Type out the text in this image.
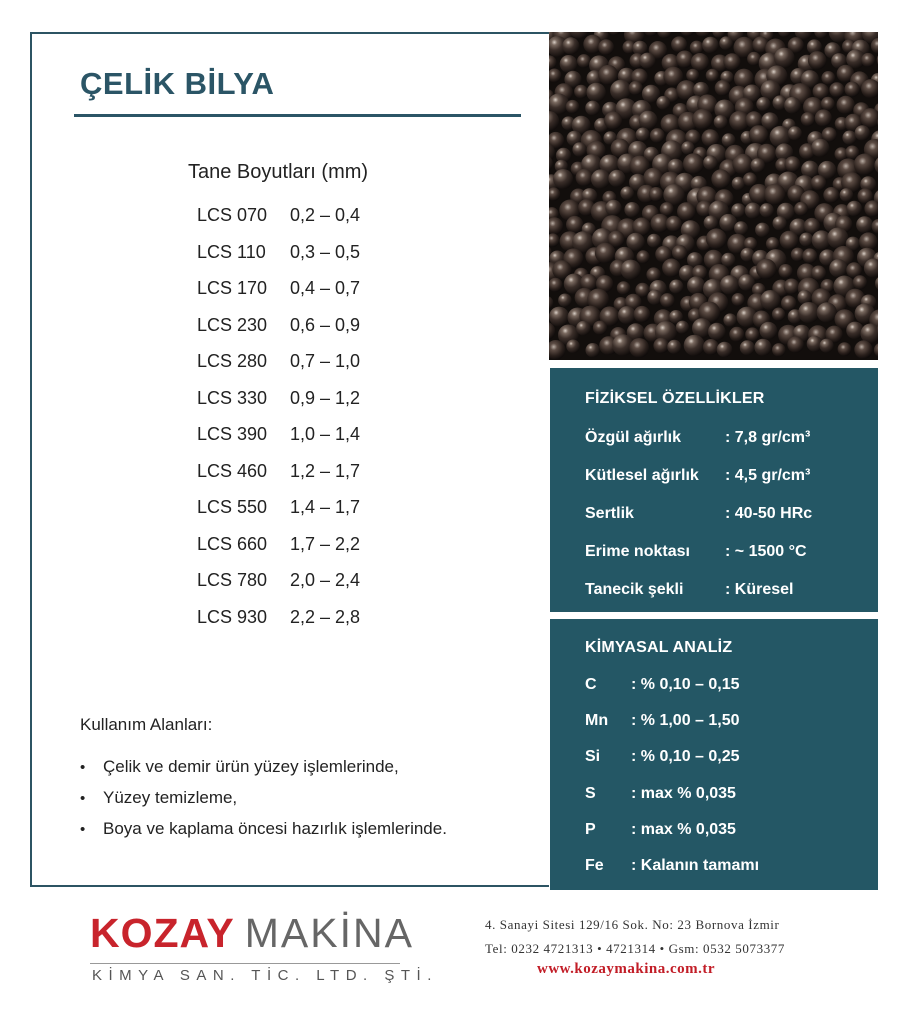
ÇELİK BİLYA
Tane Boyutları (mm)
LCS 070	0,2 – 0,4
LCS 110	0,3 – 0,5
LCS 170	0,4 – 0,7
LCS 230	0,6 – 0,9
LCS 280	0,7 – 1,0
LCS 330	0,9 – 1,2
LCS 390	1,0 – 1,4
LCS 460	1,2 – 1,7
LCS 550	1,4 – 1,7
LCS 660	1,7 – 2,2
LCS 780	2,0 – 2,4
LCS 930	2,2 – 2,8
Kullanım Alanları:
•	Çelik ve demir ürün yüzey işlemlerinde,
•	Yüzey temizleme,
•	Boya ve kaplama öncesi hazırlık işlemlerinde.
FİZİKSEL ÖZELLİKLER
Özgül ağırlık	: 7,8 gr/cm³
Kütlesel ağırlık	: 4,5 gr/cm³
Sertlik	: 40-50 HRc
Erime noktası	: ~ 1500 °C
Tanecik şekli	: Küresel
KİMYASAL ANALİZ
C	: % 0,10 – 0,15
Mn	: % 1,00 – 1,50
Si	: % 0,10 – 0,25
S	: max % 0,035
P	: max % 0,035
Fe	: Kalanın tamamı
KOZAY MAKİNA
KİMYA SAN. TİC. LTD. ŞTİ.
4. Sanayi Sitesi 129/16 Sok. No: 23 Bornova İzmir
Tel: 0232 4721313 • 4721314 • Gsm: 0532 5073377
www.kozaymakina.com.tr
